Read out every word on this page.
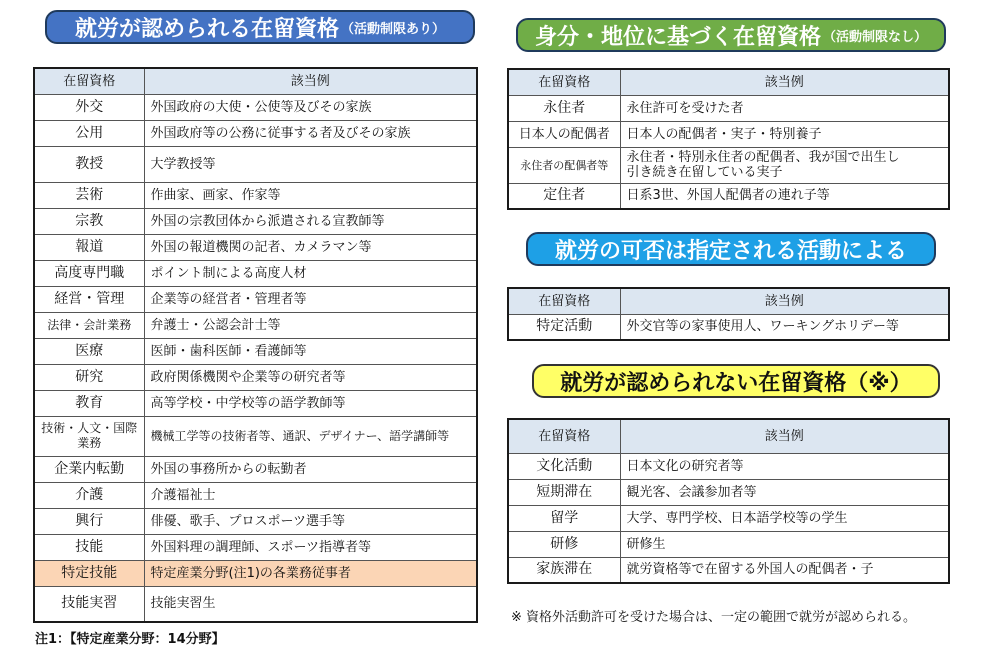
就労が認められる在留資格 （活動制限あり）	身分・地位に基づく在留資格 （活動制限なし）
就労の可否は指定される活動による
就労が認められない在留資格（※）
在留資格	該当例
外交	外国政府の大使・公使等及びその家族
公用	外国政府等の公務に従事する者及びその家族
教授	大学教授等
芸術	作曲家、画家、作家等
宗教	外国の宗教団体から派遣される宣教師等
報道	外国の報道機関の記者、カメラマン等
高度専門職	ポイント制による高度人材
経営・管理	企業等の経営者・管理者等
法律・会計業務	弁護士・公認会計士等
医療	医師・歯科医師・看護師等
研究	政府関係機関や企業等の研究者等
教育	高等学校・中学校等の語学教師等
技術・人文・国際業務	機械工学等の技術者等、通訳、デザイナー、語学講師等
企業内転勤	外国の事務所からの転勤者
介護	介護福祉士
興行	俳優、歌手、プロスポーツ選手等
技能	外国料理の調理師、スポーツ指導者等
特定技能	特定産業分野(注1)の各業務従事者
技能実習	技能実習生
在留資格	該当例
永住者	永住許可を受けた者
日本人の配偶者	日本人の配偶者・実子・特別養子
永住者の配偶者等	永住者・特別永住者の配偶者、我が国で出生し引き続き在留している実子

定住者	日系3世、外国人配偶者の連れ子等
在留資格	該当例
特定活動	外交官等の家事使用人、ワーキングホリデー等
在留資格	該当例
文化活動	日本文化の研究者等
短期滞在	観光客、会議参加者等
留学	大学、専門学校、日本語学校等の学生
研修	研修生
家族滞在	就労資格等で在留する外国人の配偶者・子
※ 資格外活動許可を受けた場合は、一定の範囲で就労が認められる。
注1：【特定産業分野：14分野】
